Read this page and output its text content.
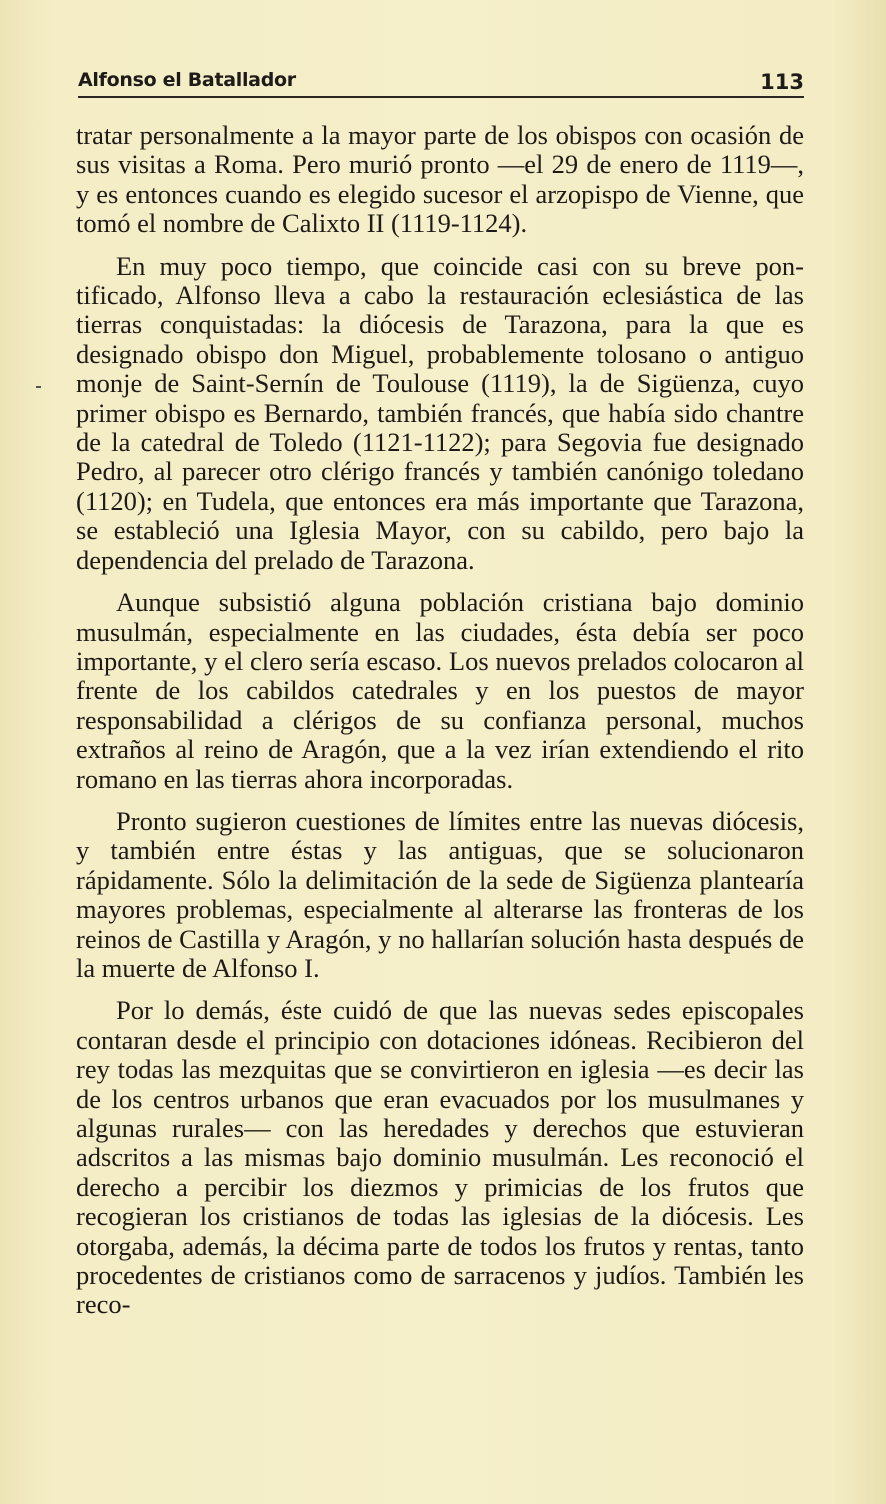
Alfonso el Batallador	113

tratar personalmente a la mayor parte de los obispos con ocasión de sus visitas a Roma. Pero murió pronto —el 29 de enero de 1119—, y es entonces cuando es elegido sucesor el arzopispo de Vienne, que tomó el nombre de Calixto II (1119-1124).

En muy poco tiempo, que coincide casi con su breve pontificado, Alfonso lleva a cabo la restauración eclesiástica de las tierras conquistadas: la diócesis de Tarazona, para la que es designado obispo don Miguel, probablemente tolosano o antiguo monje de Saint-Sernín de Toulouse (1119), la de Sigüenza, cuyo primer obispo es Bernardo, también francés, que había sido chantre de la catedral de Toledo (1121-1122); para Segovia fue designado Pedro, al parecer otro clérigo francés y también canónigo toledano (1120); en Tudela, que entonces era más importante que Tarazona, se estableció una Iglesia Mayor, con su cabildo, pero bajo la dependencia del prelado de Tarazona.

Aunque subsistió alguna población cristiana bajo dominio musulmán, especialmente en las ciudades, ésta debía ser poco importante, y el clero sería escaso. Los nuevos prelados colocaron al frente de los cabildos catedrales y en los puestos de mayor responsabilidad a clérigos de su confianza personal, muchos extraños al reino de Aragón, que a la vez irían extendiendo el rito romano en las tierras ahora incorporadas.

Pronto sugieron cuestiones de límites entre las nuevas diócesis, y también entre éstas y las antiguas, que se solucionaron rápidamente. Sólo la delimitación de la sede de Sigüenza plantearía mayores problemas, especialmente al alterarse las fronteras de los reinos de Castilla y Aragón, y no hallarían solución hasta después de la muerte de Alfonso I.

Por lo demás, éste cuidó de que las nuevas sedes episcopales contaran desde el principio con dotaciones idóneas. Recibieron del rey todas las mezquitas que se convirtieron en iglesia —es decir las de los centros urbanos que eran evacuados por los musulmanes y algunas rurales— con las heredades y derechos que estuvieran adscritos a las mismas bajo dominio musulmán. Les reconoció el derecho a percibir los diezmos y primicias de los frutos que recogieran los cristianos de todas las iglesias de la diócesis. Les otorgaba, además, la décima parte de todos los frutos y rentas, tanto procedentes de cristianos como de sarracenos y judíos. También les reco-
